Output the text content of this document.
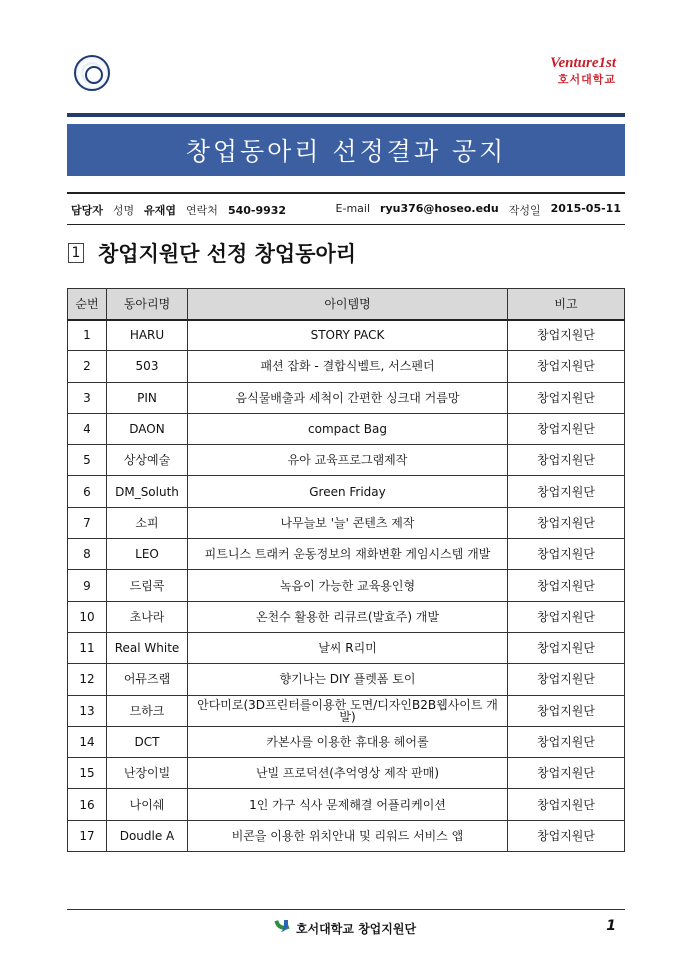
Venture1st
호서대학교
창업동아리 선정결과 공지
담당자 성명 유재엽 연락처 540-9932	E-mail ryu376@hoseo.edu 작성일 2015-05-11
1 창업지원단 선정 창업동아리
순번	동아리명	아이템명	비고
1	HARU	STORY PACK	창업지원단
2	503	패션 잡화 - 결합식벨트, 서스펜더	창업지원단
3	PIN	음식물배출과 세척이 간편한 싱크대 거름망	창업지원단
4	DAON	compact Bag	창업지원단
5	상상예술	유아 교육프로그램제작	창업지원단
6	DM_Soluth	Green Friday	창업지원단
7	소피	나무늘보 '늘' 콘텐츠 제작	창업지원단
8	LEO	피트니스 트래커 운동정보의 재화변환 게임시스템 개발	창업지원단
9	드림콕	녹음이 가능한 교육용인형	창업지원단
10	초나라	온천수 활용한 리큐르(발효주) 개발	창업지원단
11	Real White	날씨 R리미	창업지원단
12	어뮤즈랩	향기나는 DIY 플렛폼 토이	창업지원단
13	므하크	안다미로(3D프린터를이용한 도면/디자인B2B웹사이트 개발)	창업지원단
14	DCT	카본사를 이용한 휴대용 헤어롤	창업지원단
15	난장이빌	난빌 프로덕션(추억영상 제작 판매)	창업지원단
16	나이쉐	1인 가구 식사 문제해결 어플리케이션	창업지원단
17	Doudle A	비콘을 이용한 위치안내 및 리워드 서비스 앱	창업지원단
호서대학교 창업지원단	1
